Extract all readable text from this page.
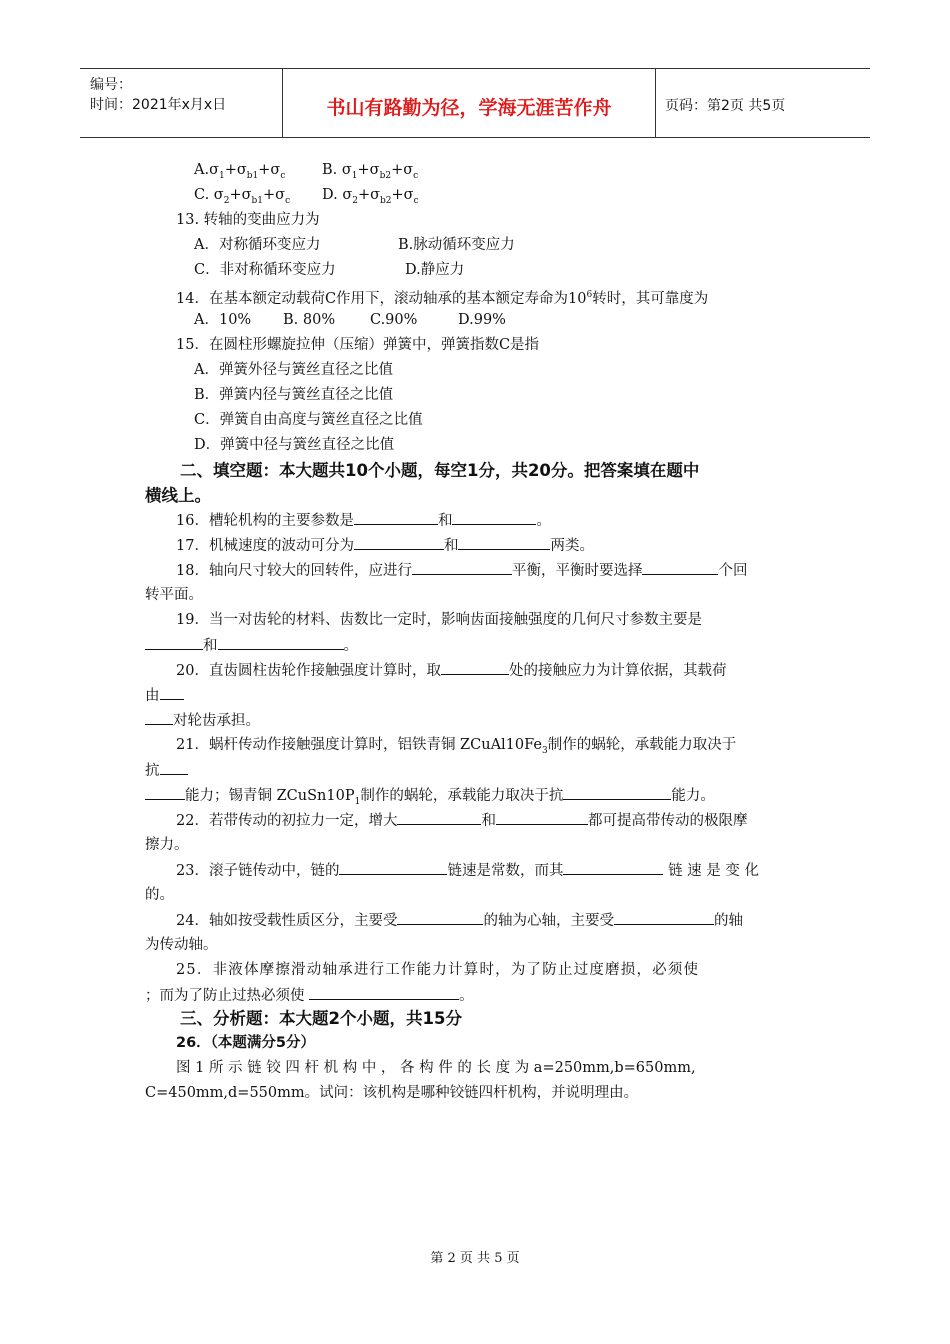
编号：
时间：2021年x月x日	书山有路勤为径，学海无涯苦作舟	页码：第2页 共5页
$A.\sigma_1+\sigma_{b1}+\sigma_c$	B. $\sigma_1+\sigma_{b2}+\sigma_c$
C. $\sigma_2+\sigma_{b1}+\sigma_c$ D. $\sigma_2+\sigma_{b2}+\sigma_c$
13. 转轴的变曲应力为
A．对称循环变应力	B.脉动循环变应力
C．非对称循环变应力	D.静应力
14．在基本额定动载荷C作用下，滚动轴承的基本额定寿命为$10^6$转时，其可靠度为
A．10% B. 80% C.90%	D.99%
15．在圆柱形螺旋拉伸（压缩）弹簧中，弹簧指数C是指
A．弹簧外径与簧丝直径之比值
B．弹簧内径与簧丝直径之比值
C．弹簧自由高度与簧丝直径之比值
D．弹簧中径与簧丝直径之比值
二、填空题：本大题共10个小题，每空1分，共20分。把答案填在题中
横线上。
16．槽轮机构的主要参数是	和	。
17．机械速度的波动可分为	和	两类。
18．轴向尺寸较大的回转件，应进行	平衡，平衡时要选择	个回
转平面。
19．当一对齿轮的材料、齿数比一定时，影响齿面接触强度的几何尺寸参数主要是
和	。
20．直齿圆柱齿轮作接触强度计算时，取	处的接触应力为计算依据，其载荷
由
对轮齿承担。
21．蜗杆传动作接触强度计算时，铝铁青铜 $ZCuAl10Fe_3$制作的蜗轮，承载能力取决于
抗
能力；锡青铜 $ZCuSn10P_1$制作的蜗轮，承载能力取决于抗	能力。
22．若带传动的初拉力一定，增大	和	都可提高带传动的极限摩
擦力。
23．滚子链传动中，链的	链速是常数，而其	链 速 是 变 化
的。
24．轴如按受载性质区分，主要受	的轴为心轴，主要受	的轴
为传动轴。
25．非液体摩擦滑动轴承进行工作能力计算时，为了防止过度磨损，必须使
；而为了防止过热必须使	。
三、分析题：本大题2个小题，共15分
26．（本题满分5分）
图 1 所 示 链 铰 四 杆 机 构 中 ， 各 构 件 的 长 度 为 a=250mm,b=650mm,
C=450mm,d=550mm。试问：该机构是哪种铰链四杆机构，并说明理由。
第 2 页 共 5 页
